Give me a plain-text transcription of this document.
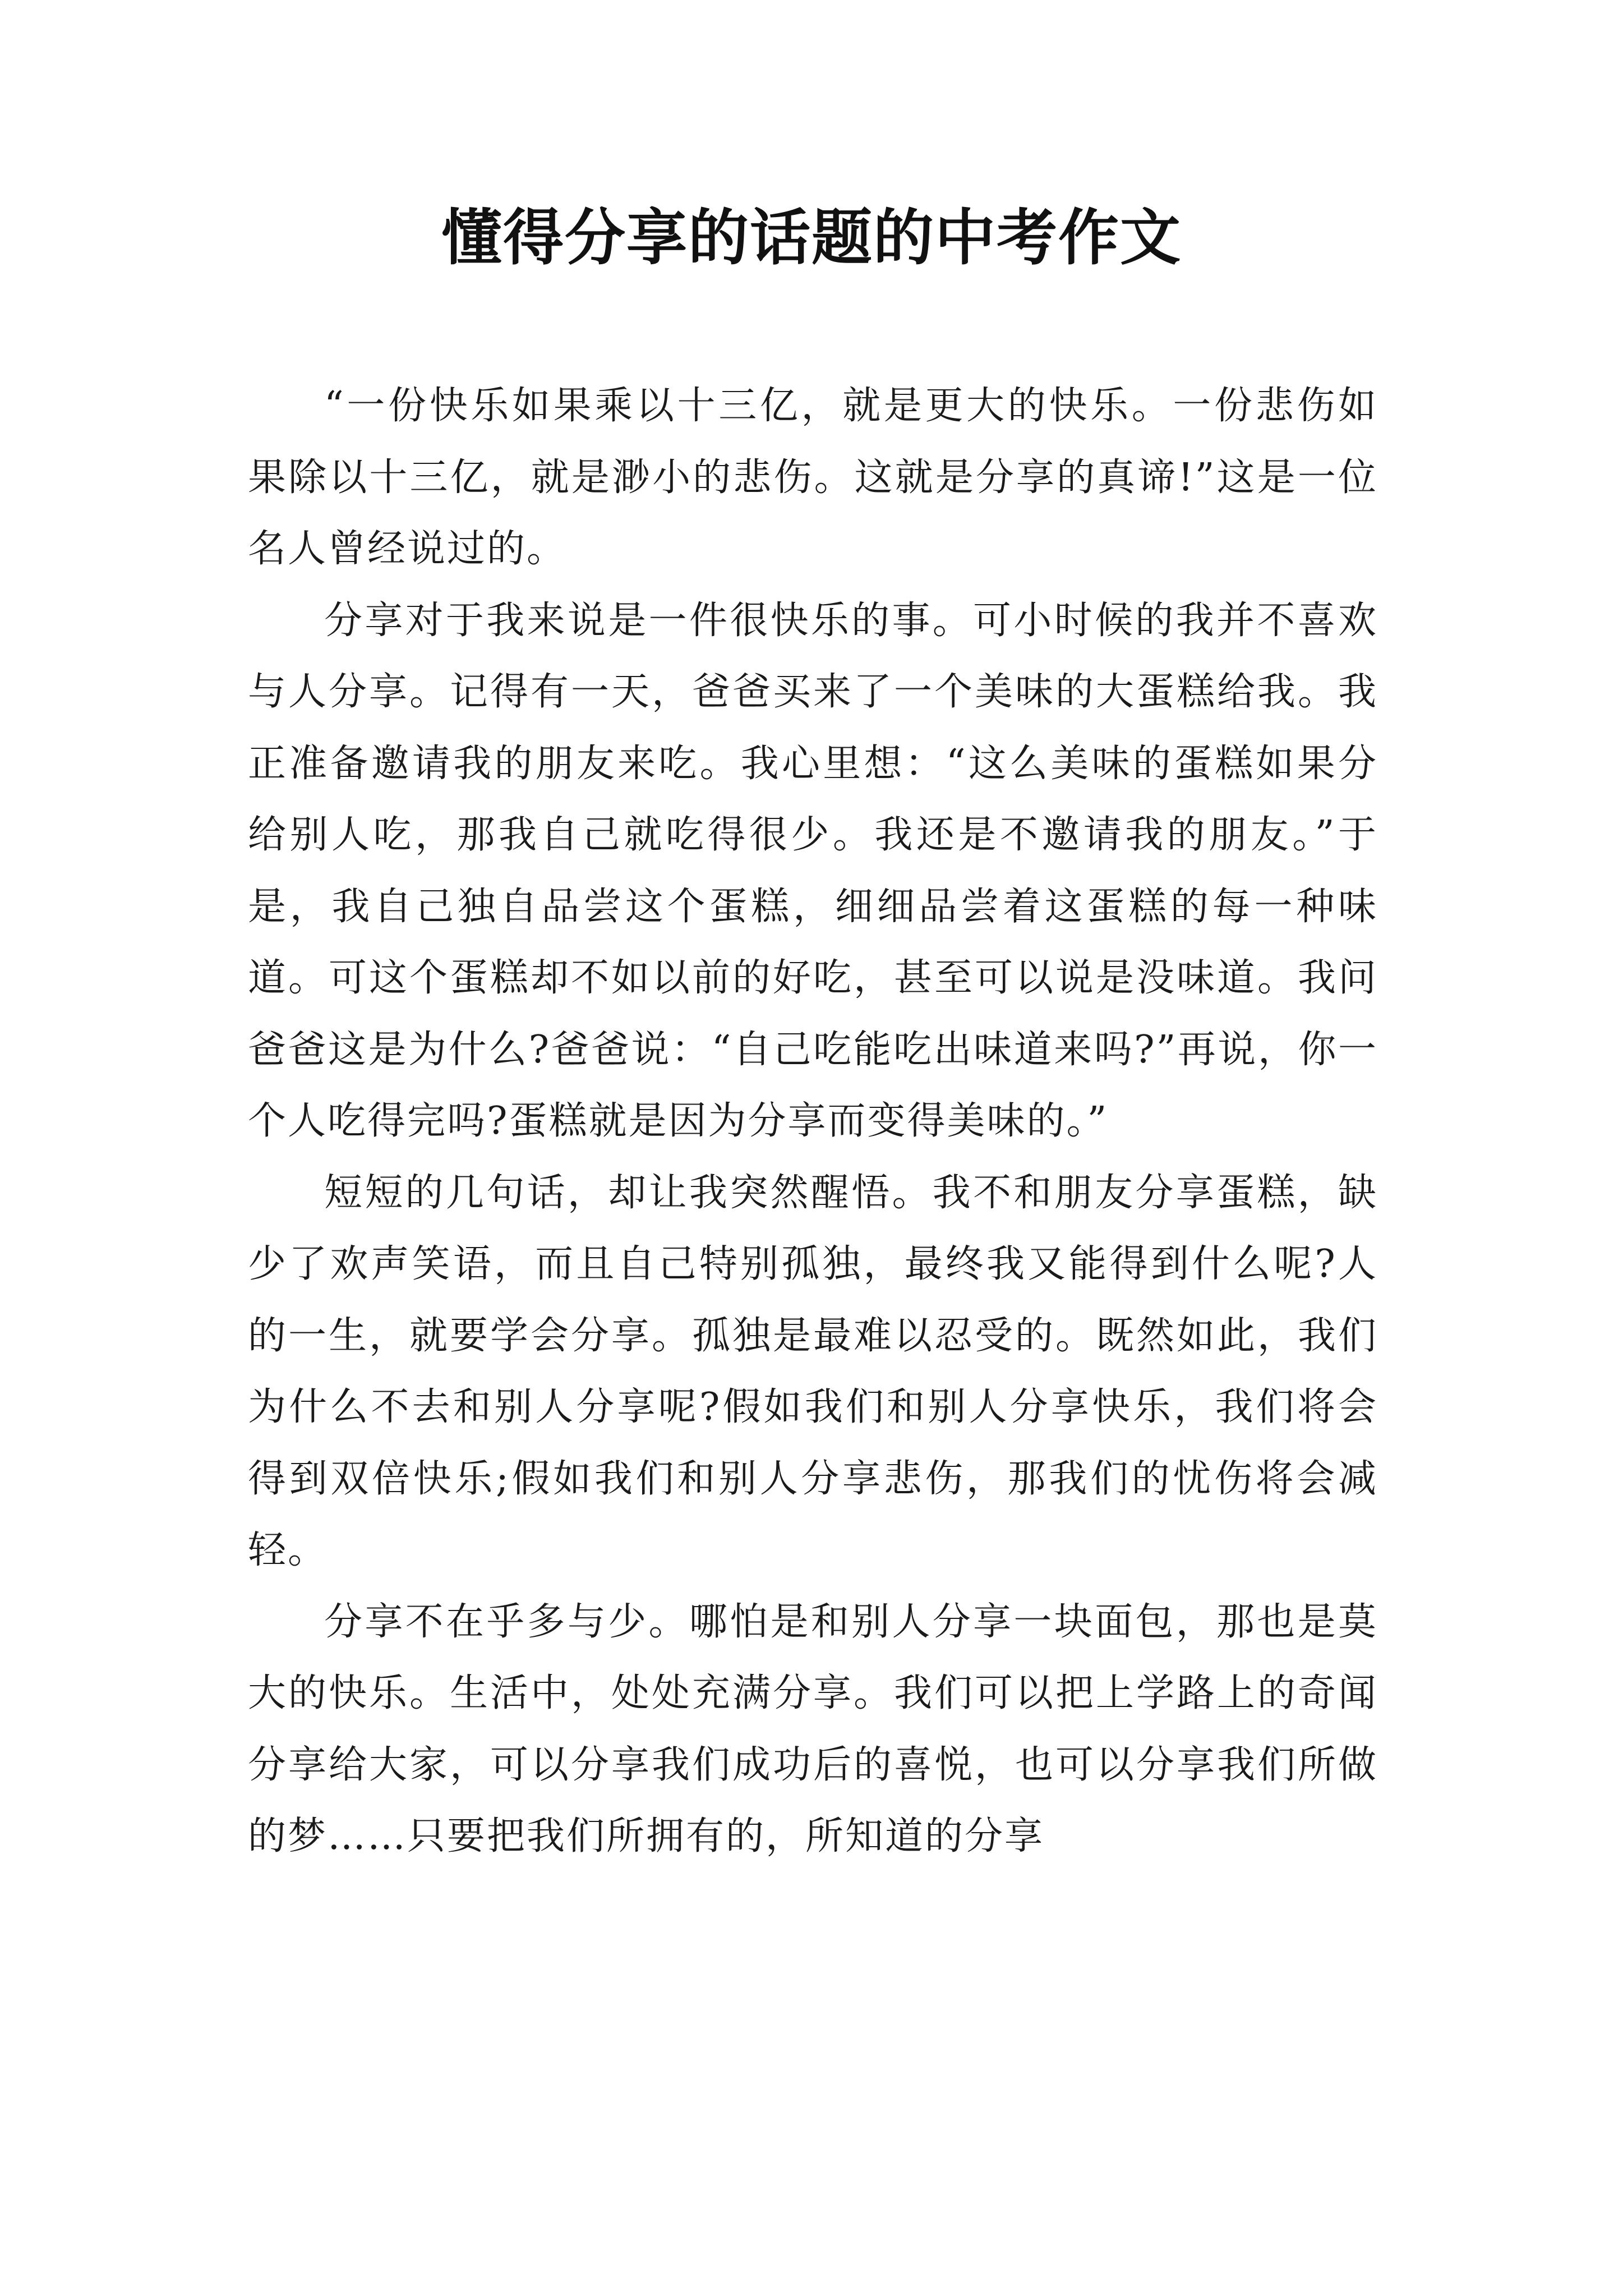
懂得分享的话题的中考作文

“一份快乐如果乘以十三亿，就是更大的快乐。一份悲伤如果除以十三亿，就是渺小的悲伤。这就是分享的真谛!”这是一位名人曾经说过的。

分享对于我来说是一件很快乐的事。可小时候的我并不喜欢与人分享。记得有一天，爸爸买来了一个美味的大蛋糕给我。我正准备邀请我的朋友来吃。我心里想：“这么美味的蛋糕如果分给别人吃，那我自己就吃得很少。我还是不邀请我的朋友。”于是，我自己独自品尝这个蛋糕，细细品尝着这蛋糕的每一种味道。可这个蛋糕却不如以前的好吃，甚至可以说是没味道。我问爸爸这是为什么?爸爸说：“自己吃能吃出味道来吗?”再说，你一个人吃得完吗?蛋糕就是因为分享而变得美味的。”

短短的几句话，却让我突然醒悟。我不和朋友分享蛋糕，缺少了欢声笑语，而且自己特别孤独，最终我又能得到什么呢?人的一生，就要学会分享。孤独是最难以忍受的。既然如此，我们为什么不去和别人分享呢?假如我们和别人分享快乐，我们将会得到双倍快乐;假如我们和别人分享悲伤，那我们的忧伤将会减轻。

分享不在乎多与少。哪怕是和别人分享一块面包，那也是莫大的快乐。生活中，处处充满分享。我们可以把上学路上的奇闻分享给大家，可以分享我们成功后的喜悦，也可以分享我们所做的梦……只要把我们所拥有的，所知道的分享
